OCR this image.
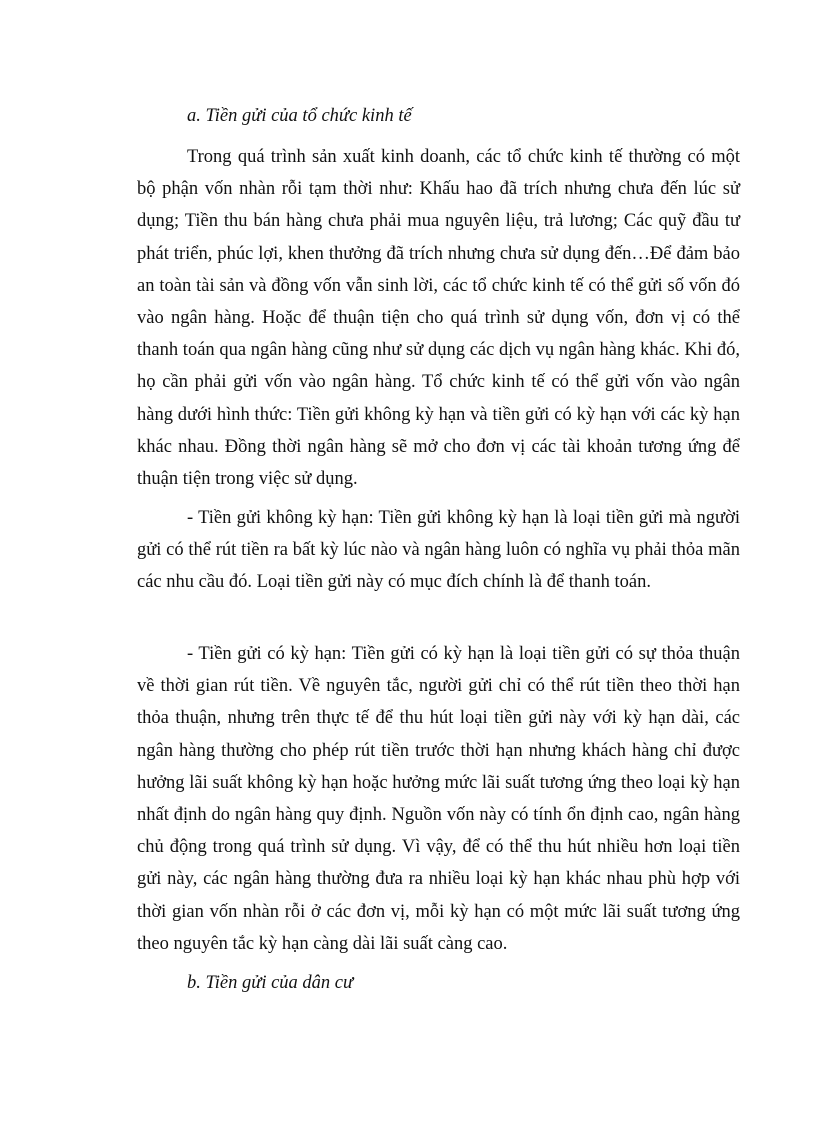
a. Tiền gửi của tổ chức kinh tế

Trong quá trình sản xuất kinh doanh, các tổ chức kinh tế thường có một bộ phận vốn nhàn rỗi tạm thời như: Khấu hao đã trích nhưng chưa đến lúc sử dụng; Tiền thu bán hàng chưa phải mua nguyên liệu, trả lương; Các quỹ đầu tư phát triển, phúc lợi, khen thưởng đã trích nhưng chưa sử dụng đến…Để đảm bảo an toàn tài sản và đồng vốn vẫn sinh lời, các tổ chức kinh tế có thể gửi số vốn đó vào ngân hàng. Hoặc để thuận tiện cho quá trình sử dụng vốn, đơn vị có thể thanh toán qua ngân hàng cũng như sử dụng các dịch vụ ngân hàng khác. Khi đó, họ cần phải gửi vốn vào ngân hàng. Tổ chức kinh tế có thể gửi vốn vào ngân hàng dưới hình thức: Tiền gửi không kỳ hạn và tiền gửi có kỳ hạn với các kỳ hạn khác nhau. Đồng thời ngân hàng sẽ mở cho đơn vị các tài khoản tương ứng để thuận tiện trong việc sử dụng.

- Tiền gửi không kỳ hạn: Tiền gửi không kỳ hạn là loại tiền gửi mà người gửi có thể rút tiền ra bất kỳ lúc nào và ngân hàng luôn có nghĩa vụ phải thỏa mãn các nhu cầu đó. Loại tiền gửi này có mục đích chính là để thanh toán.

- Tiền gửi có kỳ hạn: Tiền gửi có kỳ hạn là loại tiền gửi có sự thỏa thuận về thời gian rút tiền. Về nguyên tắc, người gửi chỉ có thể rút tiền theo thời hạn thỏa thuận, nhưng trên thực tế để thu hút loại tiền gửi này với kỳ hạn dài, các ngân hàng thường cho phép rút tiền trước thời hạn nhưng khách hàng chỉ được hưởng lãi suất không kỳ hạn hoặc hưởng mức lãi suất tương ứng theo loại kỳ hạn nhất định do ngân hàng quy định. Nguồn vốn này có tính ổn định cao, ngân hàng chủ động trong quá trình sử dụng. Vì vậy, để có thể thu hút nhiều hơn loại tiền gửi này, các ngân hàng thường đưa ra nhiều loại kỳ hạn khác nhau phù hợp với thời gian vốn nhàn rỗi ở các đơn vị, mỗi kỳ hạn có một mức lãi suất tương ứng theo nguyên tắc kỳ hạn càng dài lãi suất càng cao.

b. Tiền gửi của dân cư
